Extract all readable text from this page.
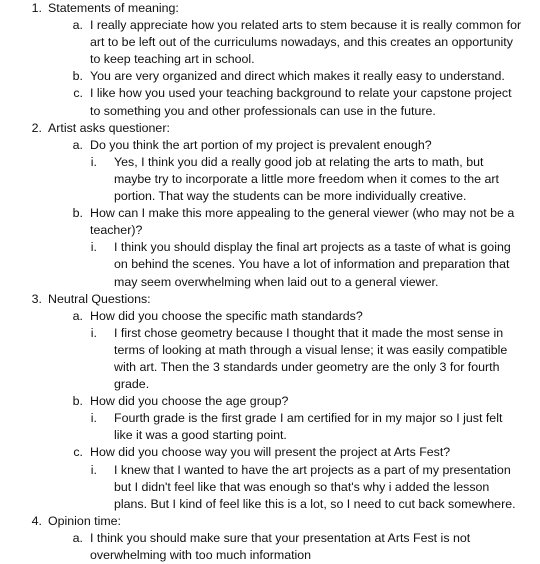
1. Statements of meaning:
a. I really appreciate how you related arts to stem because it is really common for art to be left out of the curriculums nowadays, and this creates an opportunity to keep teaching art in school.
b. You are very organized and direct which makes it really easy to understand.
c. I like how you used your teaching background to relate your capstone project to something you and other professionals can use in the future.
2. Artist asks questioner:
a. Do you think the art portion of my project is prevalent enough?
i.	Yes, I think you did a really good job at relating the arts to math, but maybe try to incorporate a little more freedom when it comes to the art portion. That way the students can be more individually creative.
b. How can I make this more appealing to the general viewer (who may not be a teacher)?
i.	I think you should display the final art projects as a taste of what is going on behind the scenes. You have a lot of information and preparation that may seem overwhelming when laid out to a general viewer.
3. Neutral Questions:
a. How did you choose the specific math standards?
i.	I first chose geometry because I thought that it made the most sense in terms of looking at math through a visual lense; it was easily compatible with art. Then the 3 standards under geometry are the only 3 for fourth grade.
b. How did you choose the age group?
i.	Fourth grade is the first grade I am certified for in my major so I just felt like it was a good starting point.
c. How did you choose way you will present the project at Arts Fest?
i.	I knew that I wanted to have the art projects as a part of my presentation but I didn't feel like that was enough so that's why i added the lesson plans. But I kind of feel like this is a lot, so I need to cut back somewhere.
4. Opinion time:
a. I think you should make sure that your presentation at Arts Fest is not overwhelming with too much information
